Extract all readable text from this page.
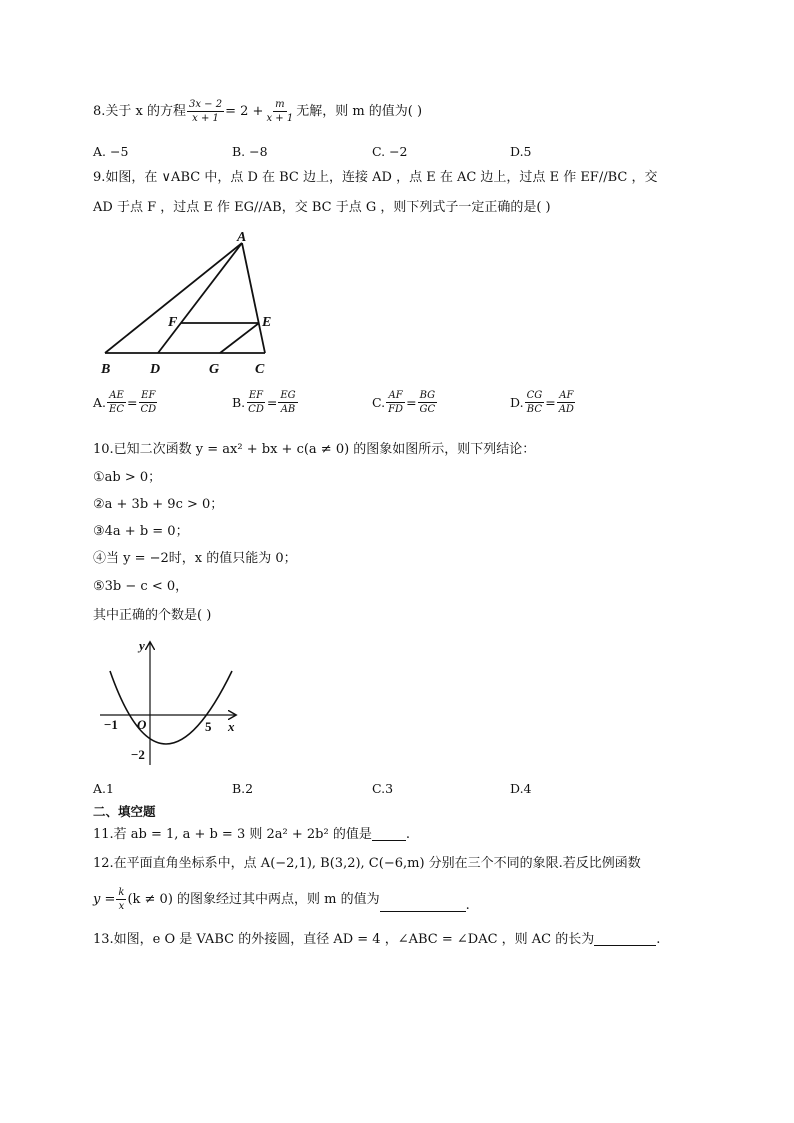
8.关于 x 的方程 $\frac{3x - 2}{x + 1} = 2 + \frac{m}{x + 1}$ 无解，则 m 的值为( )
A. −5	B. −8	C. −2	D.5
9.如图，在 ∨ABC 中，点 D 在 BC 边上，连接 AD ，点 E 在 AC 边上，过点 E 作 EF//BC ，交
AD 于点 F ，过点 E 作 EG//AB，交 BC 于点 G ，则下列式子一定正确的是( )
A
B	D	G	C
F	E
A. $\frac{AE}{EC} = \frac{EF}{CD}$	B. $\frac{EF}{CD} = \frac{EG}{AB}$	C. $\frac{AF}{FD} = \frac{BG}{GC}$	D. $\frac{CG}{BC} = \frac{AF}{AD}$
10.已知二次函数 y = ax² + bx + c(a ≠ 0) 的图象如图所示，则下列结论：
①ab > 0；
②a + 3b + 9c > 0；
③4a + b = 0；
④当 y = −2时，x 的值只能为 0；
⑤3b − c < 0，
其中正确的个数是( )
y
x
O
−1	5
−2
A.1	B.2	C.3	D.4
二、填空题
11.若 ab = 1, a + b = 3 则 2a² + 2b² 的值是	.
12.在平面直角坐标系中，点 A(−2,1), B(3,2), C(−6,m) 分别在三个不同的象限.若反比例函数
$y = \frac{k}{x} (k \ne 0)$ 的图象经过其中两点，则 m 的值为	.
13.如图，e O 是 VABC 的外接圆，直径 AD = 4 ，∠ABC = ∠DAC ，则 AC 的长为	.
